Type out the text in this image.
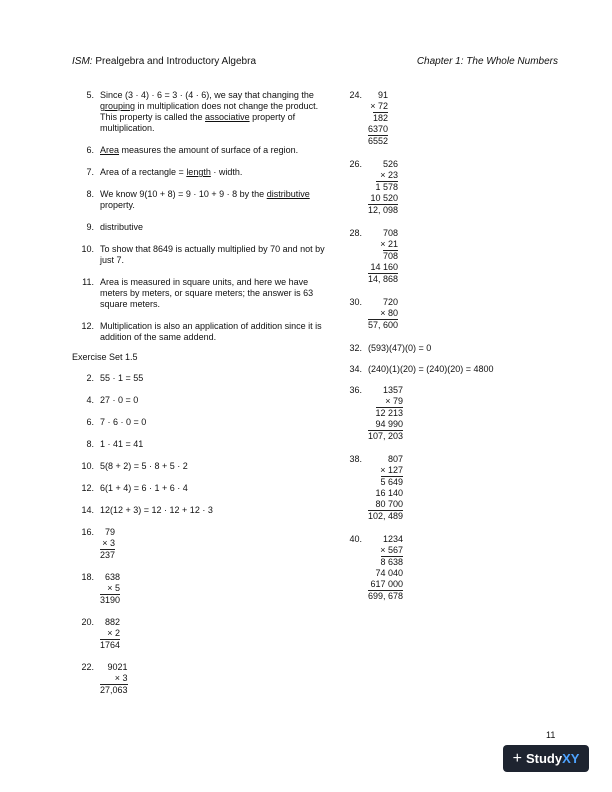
ISM: Prealgebra and Introductory Algebra	Chapter 1: The Whole Numbers
5. Since (3 · 4) · 6 = 3 · (4 · 6), we say that changing the grouping in multiplication does not change the product. This property is called the associative property of multiplication.
6. Area measures the amount of surface of a region.
7. Area of a rectangle = length · width.
8. We know 9(10 + 8) = 9 · 10 + 9 · 8 by the distributive property.
9. distributive
10. To show that 8649 is actually multiplied by 70 and not by just 7.
11. Area is measured in square units, and here we have meters by meters, or square meters; the answer is 63 square meters.
12. Multiplication is also an application of addition since it is addition of the same addend.
Exercise Set 1.5
2. 55 · 1 = 55
4. 27 · 0 = 0
6. 7 · 6 · 0 = 0
8. 1 · 41 = 41
10. 5(8 + 2) = 5 · 8 + 5 · 2
12. 6(1 + 4) = 6 · 1 + 6 · 4
14. 12(12 + 3) = 12 · 12 + 12 · 3
16.	79
× 3
237
18.	638
× 5
3190
20.	882
× 2
1764
22.	9021
× 3
27,063
24.	91
× 72
182
6370
6552
26.	526
× 23
1 578
10 520
12, 098
28.	708
× 21
708
14 160
14, 868
30.	720
× 80
57, 600
32. (593)(47)(0) = 0
34. (240)(1)(20) = (240)(20) = 4800
36.	1357
× 79
12 213
94 990
107, 203
38.	807
× 127
5 649
16 140
80 700
102, 489
40.	1234
× 567
8 638
74 040
617 000
699, 678
11
+ Study XY
